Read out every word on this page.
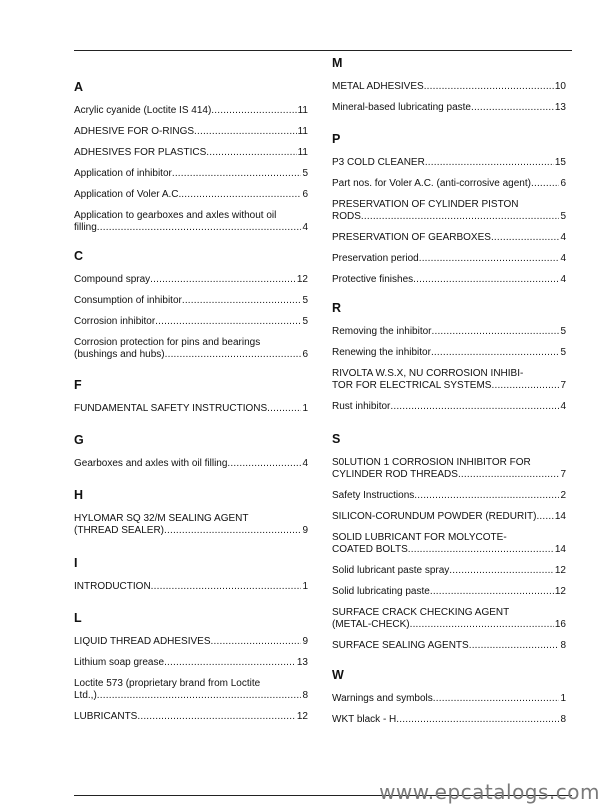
A
Acrylic cyanide (Loctite IS 414) .....	11
ADHESIVE FOR O-RINGS .....	11
ADHESIVES FOR PLASTICS .....	11
Application of inhibitor .....	5
Application of Voler A.C. .....	6
Application to gearboxes and axles without oil
filling .....	4
C
Compound spray .....	12
Consumption of inhibitor .....	5
Corrosion inhibitor .....	5
Corrosion protection for pins and bearings
(bushings and hubs) .....	6
F
FUNDAMENTAL SAFETY INSTRUCTIONS .....	1
G
Gearboxes and axles with oil filling .....	4
H
HYLOMAR SQ 32/M SEALING AGENT
(THREAD SEALER) .....	9
I
INTRODUCTION .....	1
L
LIQUID THREAD ADHESIVES .....	9
Lithium soap grease .....	13
Loctite 573 (proprietary brand from Loctite
Ltd.,) .....	8
LUBRICANTS .....	12
M
METAL ADHESIVES .....	10
Mineral-based lubricating paste .....	13
P
P3 COLD CLEANER .....	15
Part nos. for Voler A.C. (anti-corrosive agent) .....	6
PRESERVATION OF CYLINDER PISTON
RODS .....	5
PRESERVATION OF GEARBOXES .....	4
Preservation period .....	4
Protective finishes .....	4
R
Removing the inhibitor .....	5
Renewing the inhibitor .....	5
RIVOLTA W.S.X, NU CORROSION INHIBI-
TOR FOR ELECTRICAL SYSTEMS .....	7
Rust inhibitor .....	4
S
S0LUTION 1 CORROSION INHIBITOR FOR
CYLINDER ROD THREADS .....	7
Safety Instructions .....	2
SILICON-CORUNDUM POWDER (REDURIT) ..... 14
SOLID LUBRICANT FOR MOLYCOTE-
COATED BOLTS .....	14
Solid lubricant paste spray .....	12
Solid lubricating paste .....	12
SURFACE CRACK CHECKING AGENT
(METAL-CHECK) .....	16
SURFACE SEALING AGENTS .....	8
W
Warnings and symbols .....	1
WKT black - H .....	8
www.epcatalogs.com
